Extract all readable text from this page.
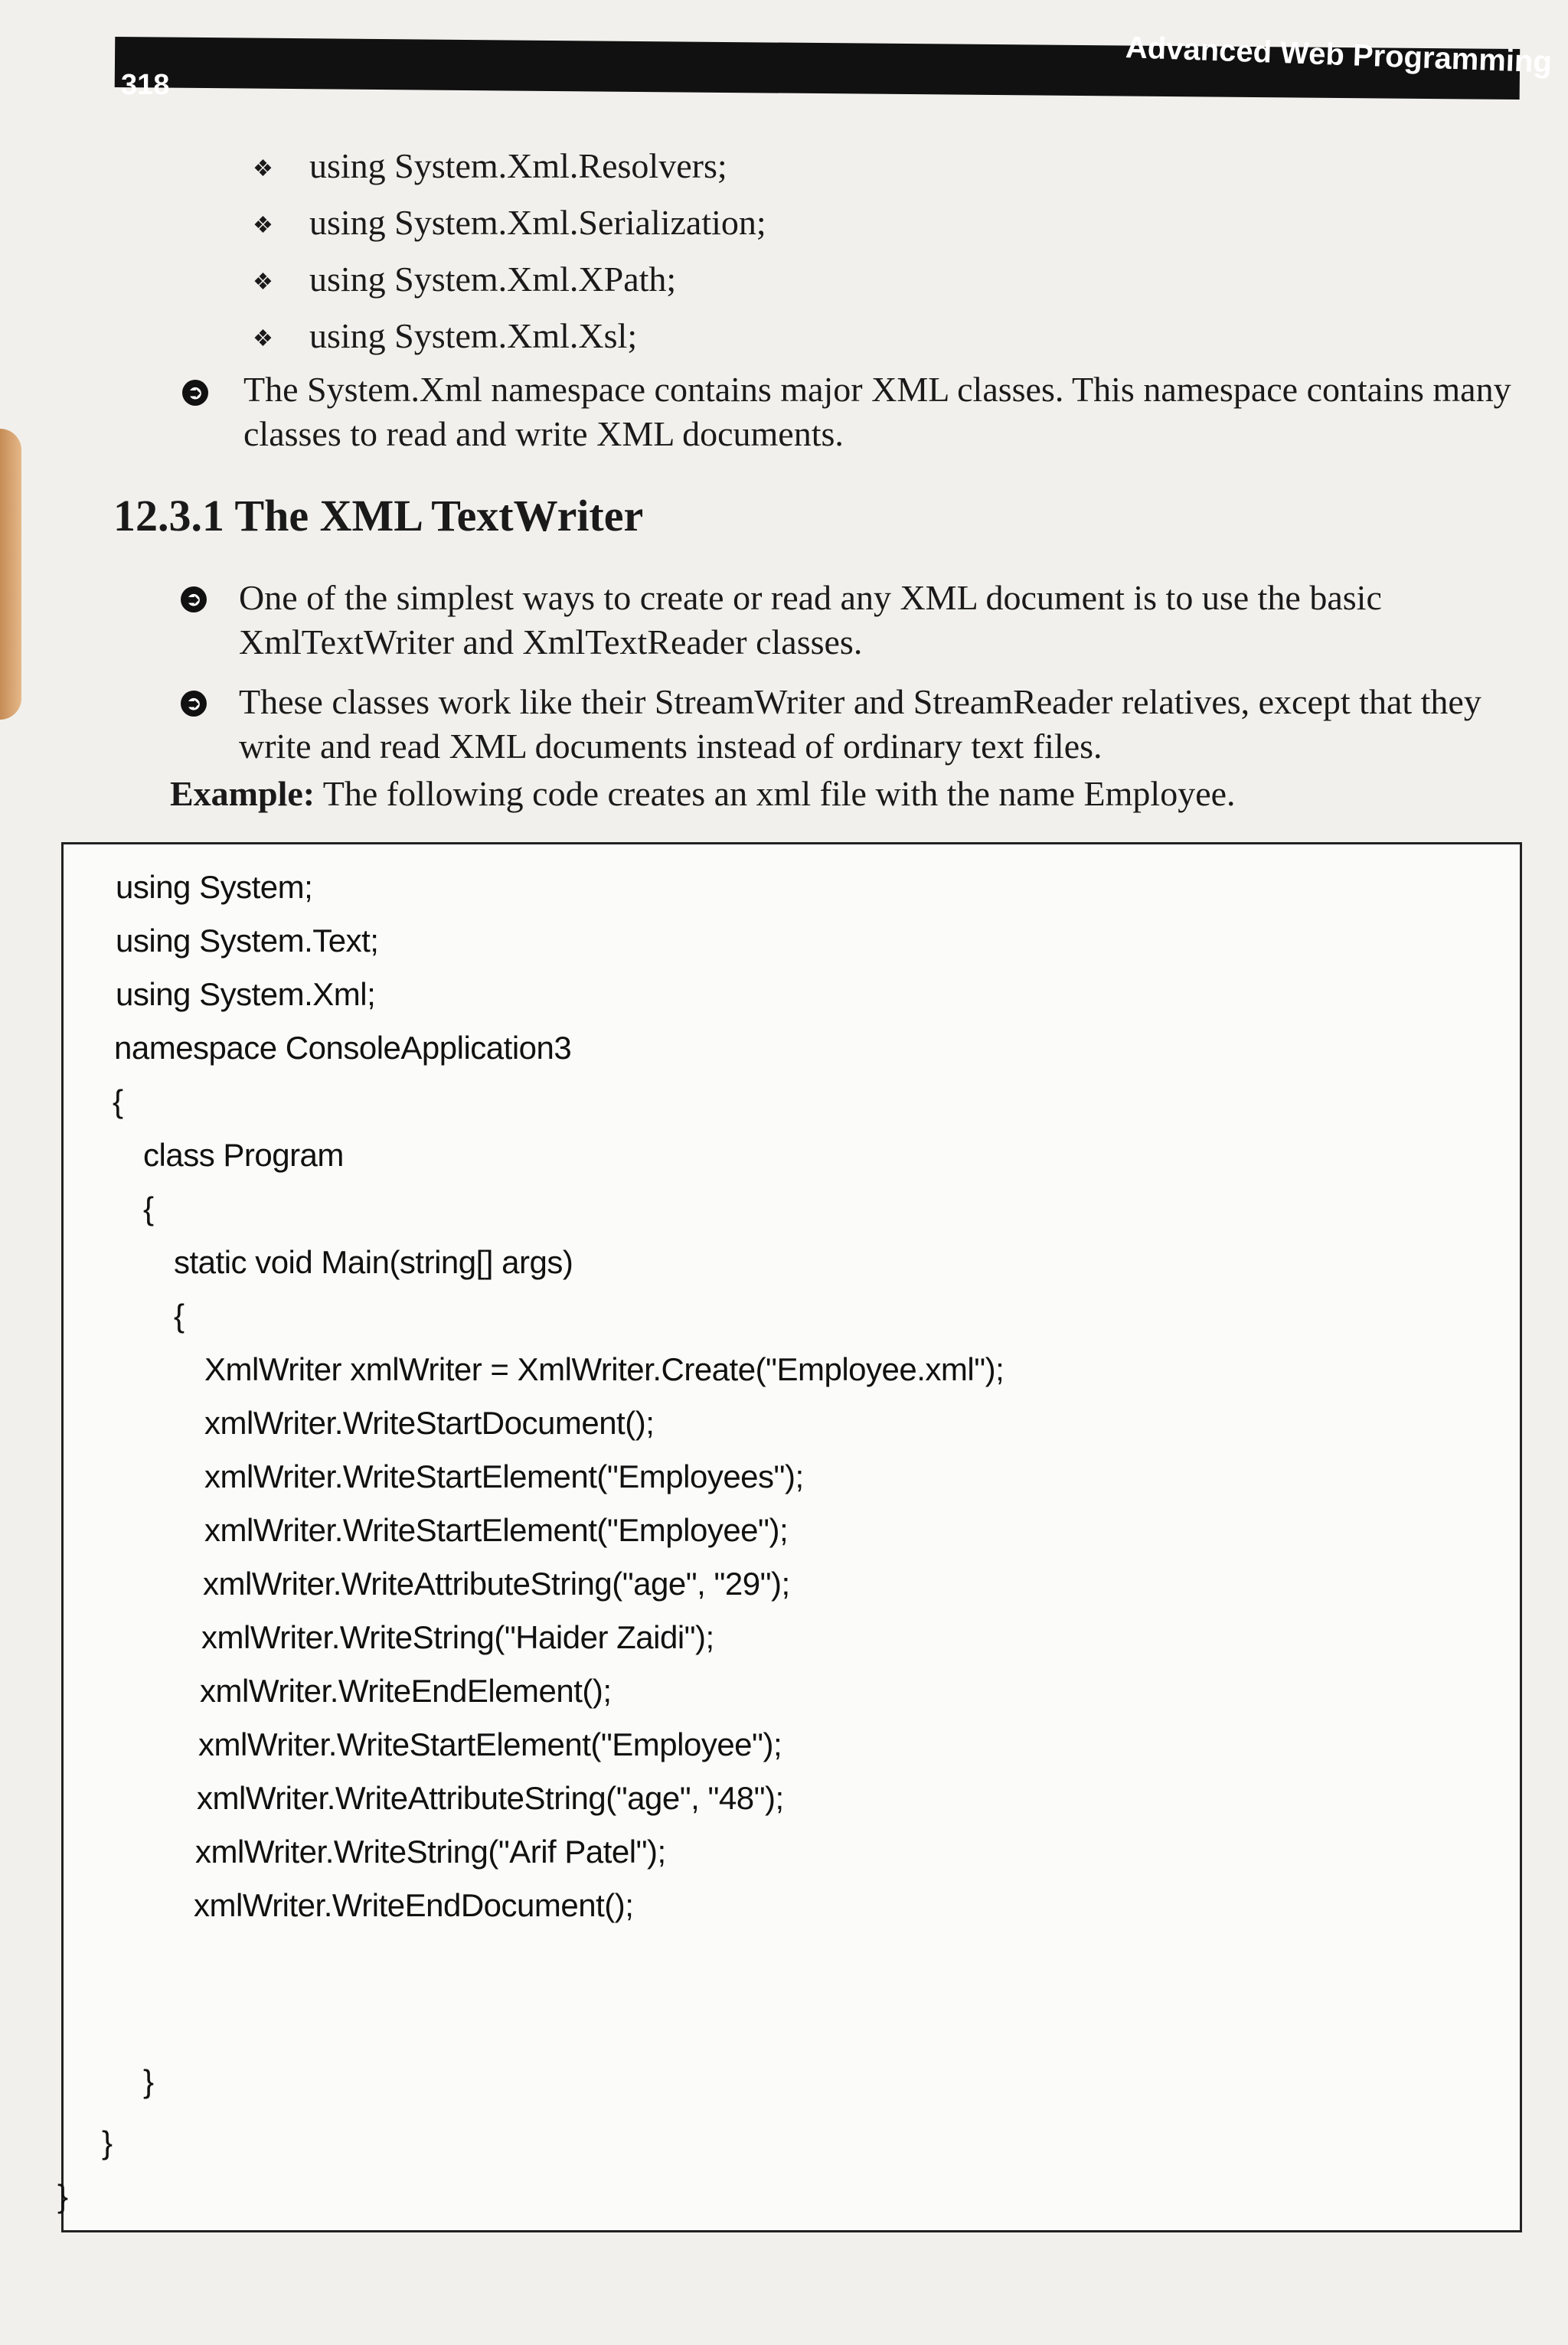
318
Advanced Web Programming
❖ using System.Xml.Resolvers;
❖ using System.Xml.Serialization;
❖ using System.Xml.XPath;
❖ using System.Xml.Xsl;
➲ The System.Xml namespace contains major XML classes. This namespace contains many
classes to read and write XML documents.
12.3.1 The XML TextWriter
➲ One of the simplest ways to create or read any XML document is to use the basic
XmlTextWriter and XmlTextReader classes.
➲ These classes work like their StreamWriter and StreamReader relatives, except that they
write and read XML documents instead of ordinary text files.
Example: The following code creates an xml file with the name Employee.
using System;
using System.Text;
using System.Xml;
namespace ConsoleApplication3
{
class Program
{
static void Main(string[] args)
{
XmlWriter xmlWriter = XmlWriter.Create("Employee.xml");
xmlWriter.WriteStartDocument();
xmlWriter.WriteStartElement("Employees");
xmlWriter.WriteStartElement("Employee");
xmlWriter.WriteAttributeString("age", "29");
xmlWriter.WriteString("Haider Zaidi");
xmlWriter.WriteEndElement();
xmlWriter.WriteStartElement("Employee");
xmlWriter.WriteAttributeString("age", "48");
xmlWriter.WriteString("Arif Patel");
xmlWriter.WriteEndDocument();
}
}
}
